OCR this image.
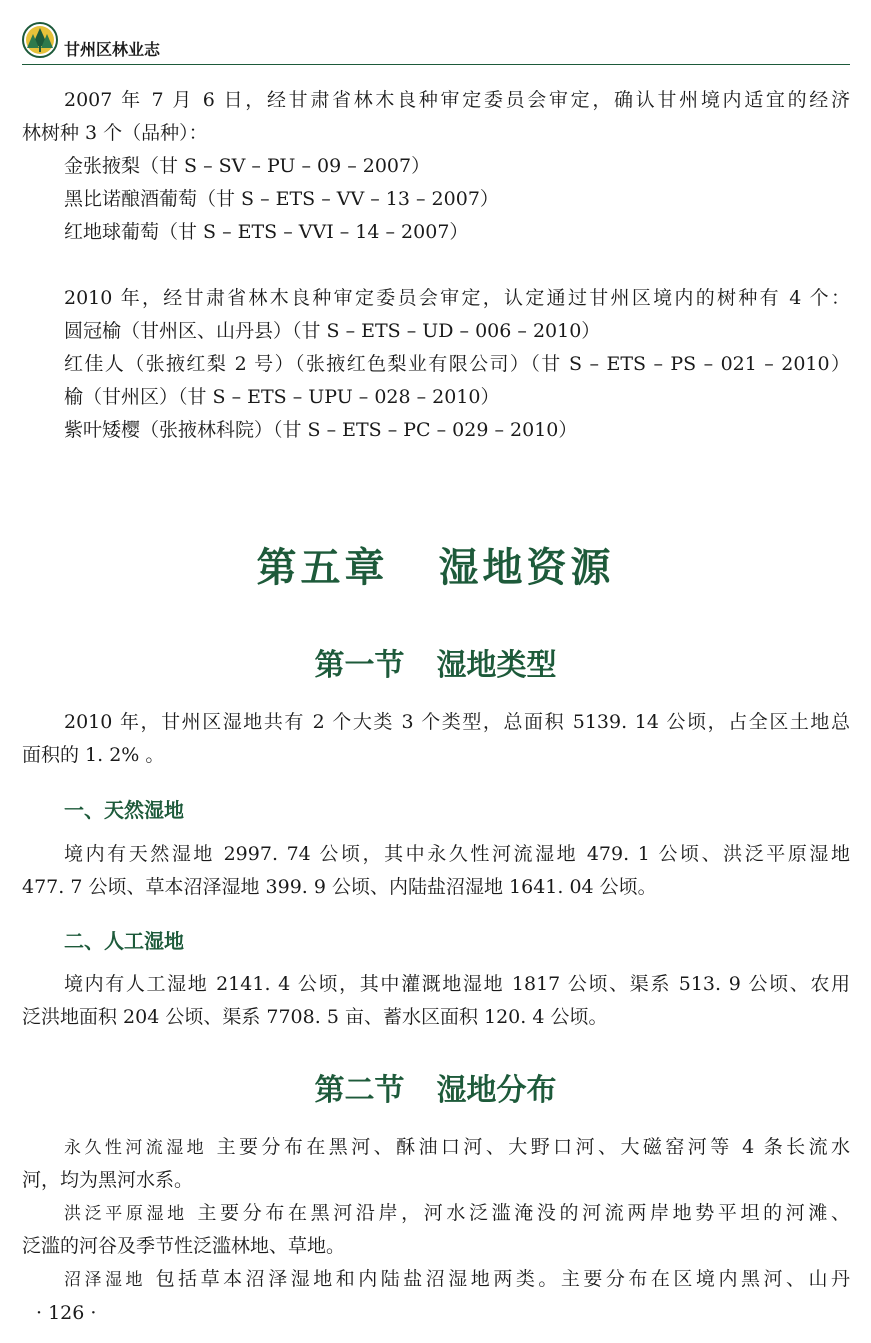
甘州区林业志
2007 年 7 月 6 日，经甘肃省林木良种审定委员会审定，确认甘州境内适宜的经济
林树种 3 个（品种）：
金张掖梨（甘 S – SV – PU – 09 – 2007）
黑比诺酿酒葡萄（甘 S – ETS – VV – 13 – 2007）
红地球葡萄（甘 S – ETS – VVI – 14 – 2007）
2010 年，经甘肃省林木良种审定委员会审定，认定通过甘州区境内的树种有 4 个：
圆冠榆（甘州区、山丹县）（甘 S – ETS – UD – 006 – 2010）
红佳人（张掖红梨 2 号）（张掖红色梨业有限公司）（甘 S – ETS – PS – 021 – 2010）
榆（甘州区）（甘 S – ETS – UPU – 028 – 2010）
紫叶矮樱（张掖林科院）（甘 S – ETS – PC – 029 – 2010）
第五章 湿地资源
第一节 湿地类型
2010 年，甘州区湿地共有 2 个大类 3 个类型，总面积 5139. 14 公顷，占全区土地总
面积的 1. 2% 。
一、天然湿地
境内有天然湿地 2997. 74 公顷，其中永久性河流湿地 479. 1 公顷、洪泛平原湿地
477. 7 公顷、草本沼泽湿地 399. 9 公顷、内陆盐沼湿地 1641. 04 公顷。
二、人工湿地
境内有人工湿地 2141. 4 公顷，其中灌溉地湿地 1817 公顷、渠系 513. 9 公顷、农用
泛洪地面积 204 公顷、渠系 7708. 5 亩、蓄水区面积 120. 4 公顷。
第二节 湿地分布
永久性河流湿地 主要分布在黑河、酥油口河、大野口河、大磁窑河等 4 条长流水
河，均为黑河水系。
洪泛平原湿地 主要分布在黑河沿岸，河水泛滥淹没的河流两岸地势平坦的河滩、
泛滥的河谷及季节性泛滥林地、草地。
沼泽湿地 包括草本沼泽湿地和内陆盐沼湿地两类。主要分布在区境内黑河、山丹
· 126 ·
